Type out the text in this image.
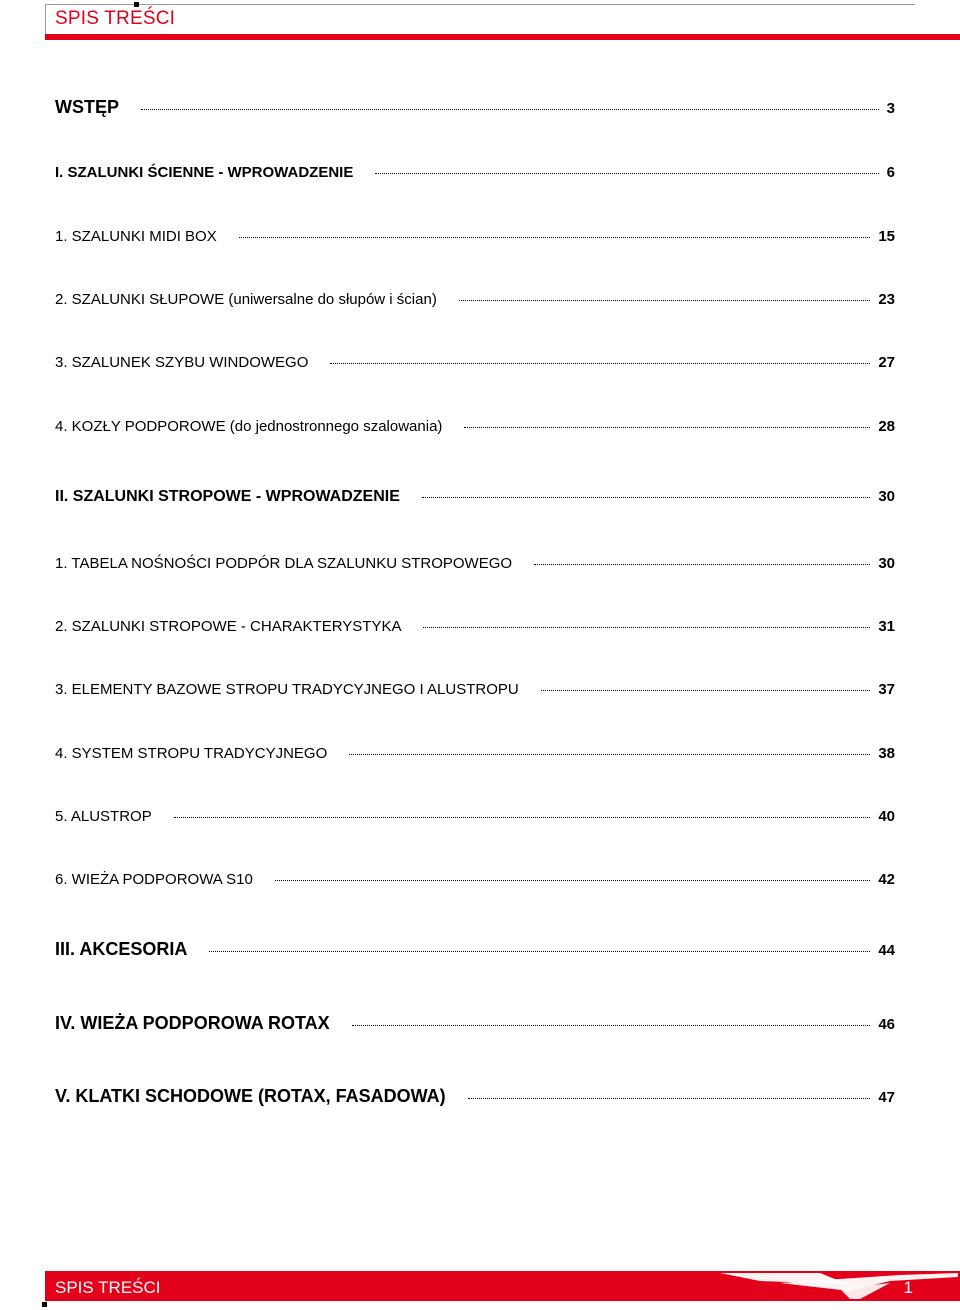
SPIS TREŚCI
WSTĘP	3
I. SZALUNKI ŚCIENNE - WPROWADZENIE	6
1. SZALUNKI MIDI BOX	15
2. SZALUNKI SŁUPOWE (uniwersalne do słupów i ścian)	23
3. SZALUNEK SZYBU WINDOWEGO	27
4. KOZŁY PODPOROWE (do jednostronnego szalowania)	28
II. SZALUNKI STROPOWE - WPROWADZENIE	30
1. TABELA NOŚNOŚCI PODPÓR DLA SZALUNKU STROPOWEGO	30
2. SZALUNKI STROPOWE - CHARAKTERYSTYKA	31
3. ELEMENTY BAZOWE STROPU TRADYCYJNEGO I ALUSTROPU	37
4. SYSTEM STROPU TRADYCYJNEGO	38
5. ALUSTROP	40
6. WIEŻA PODPOROWA S10	42
III. AKCESORIA	44
IV. WIEŻA PODPOROWA ROTAX	46
V. KLATKI SCHODOWE (ROTAX, FASADOWA)	47
SPIS TREŚCI	1
